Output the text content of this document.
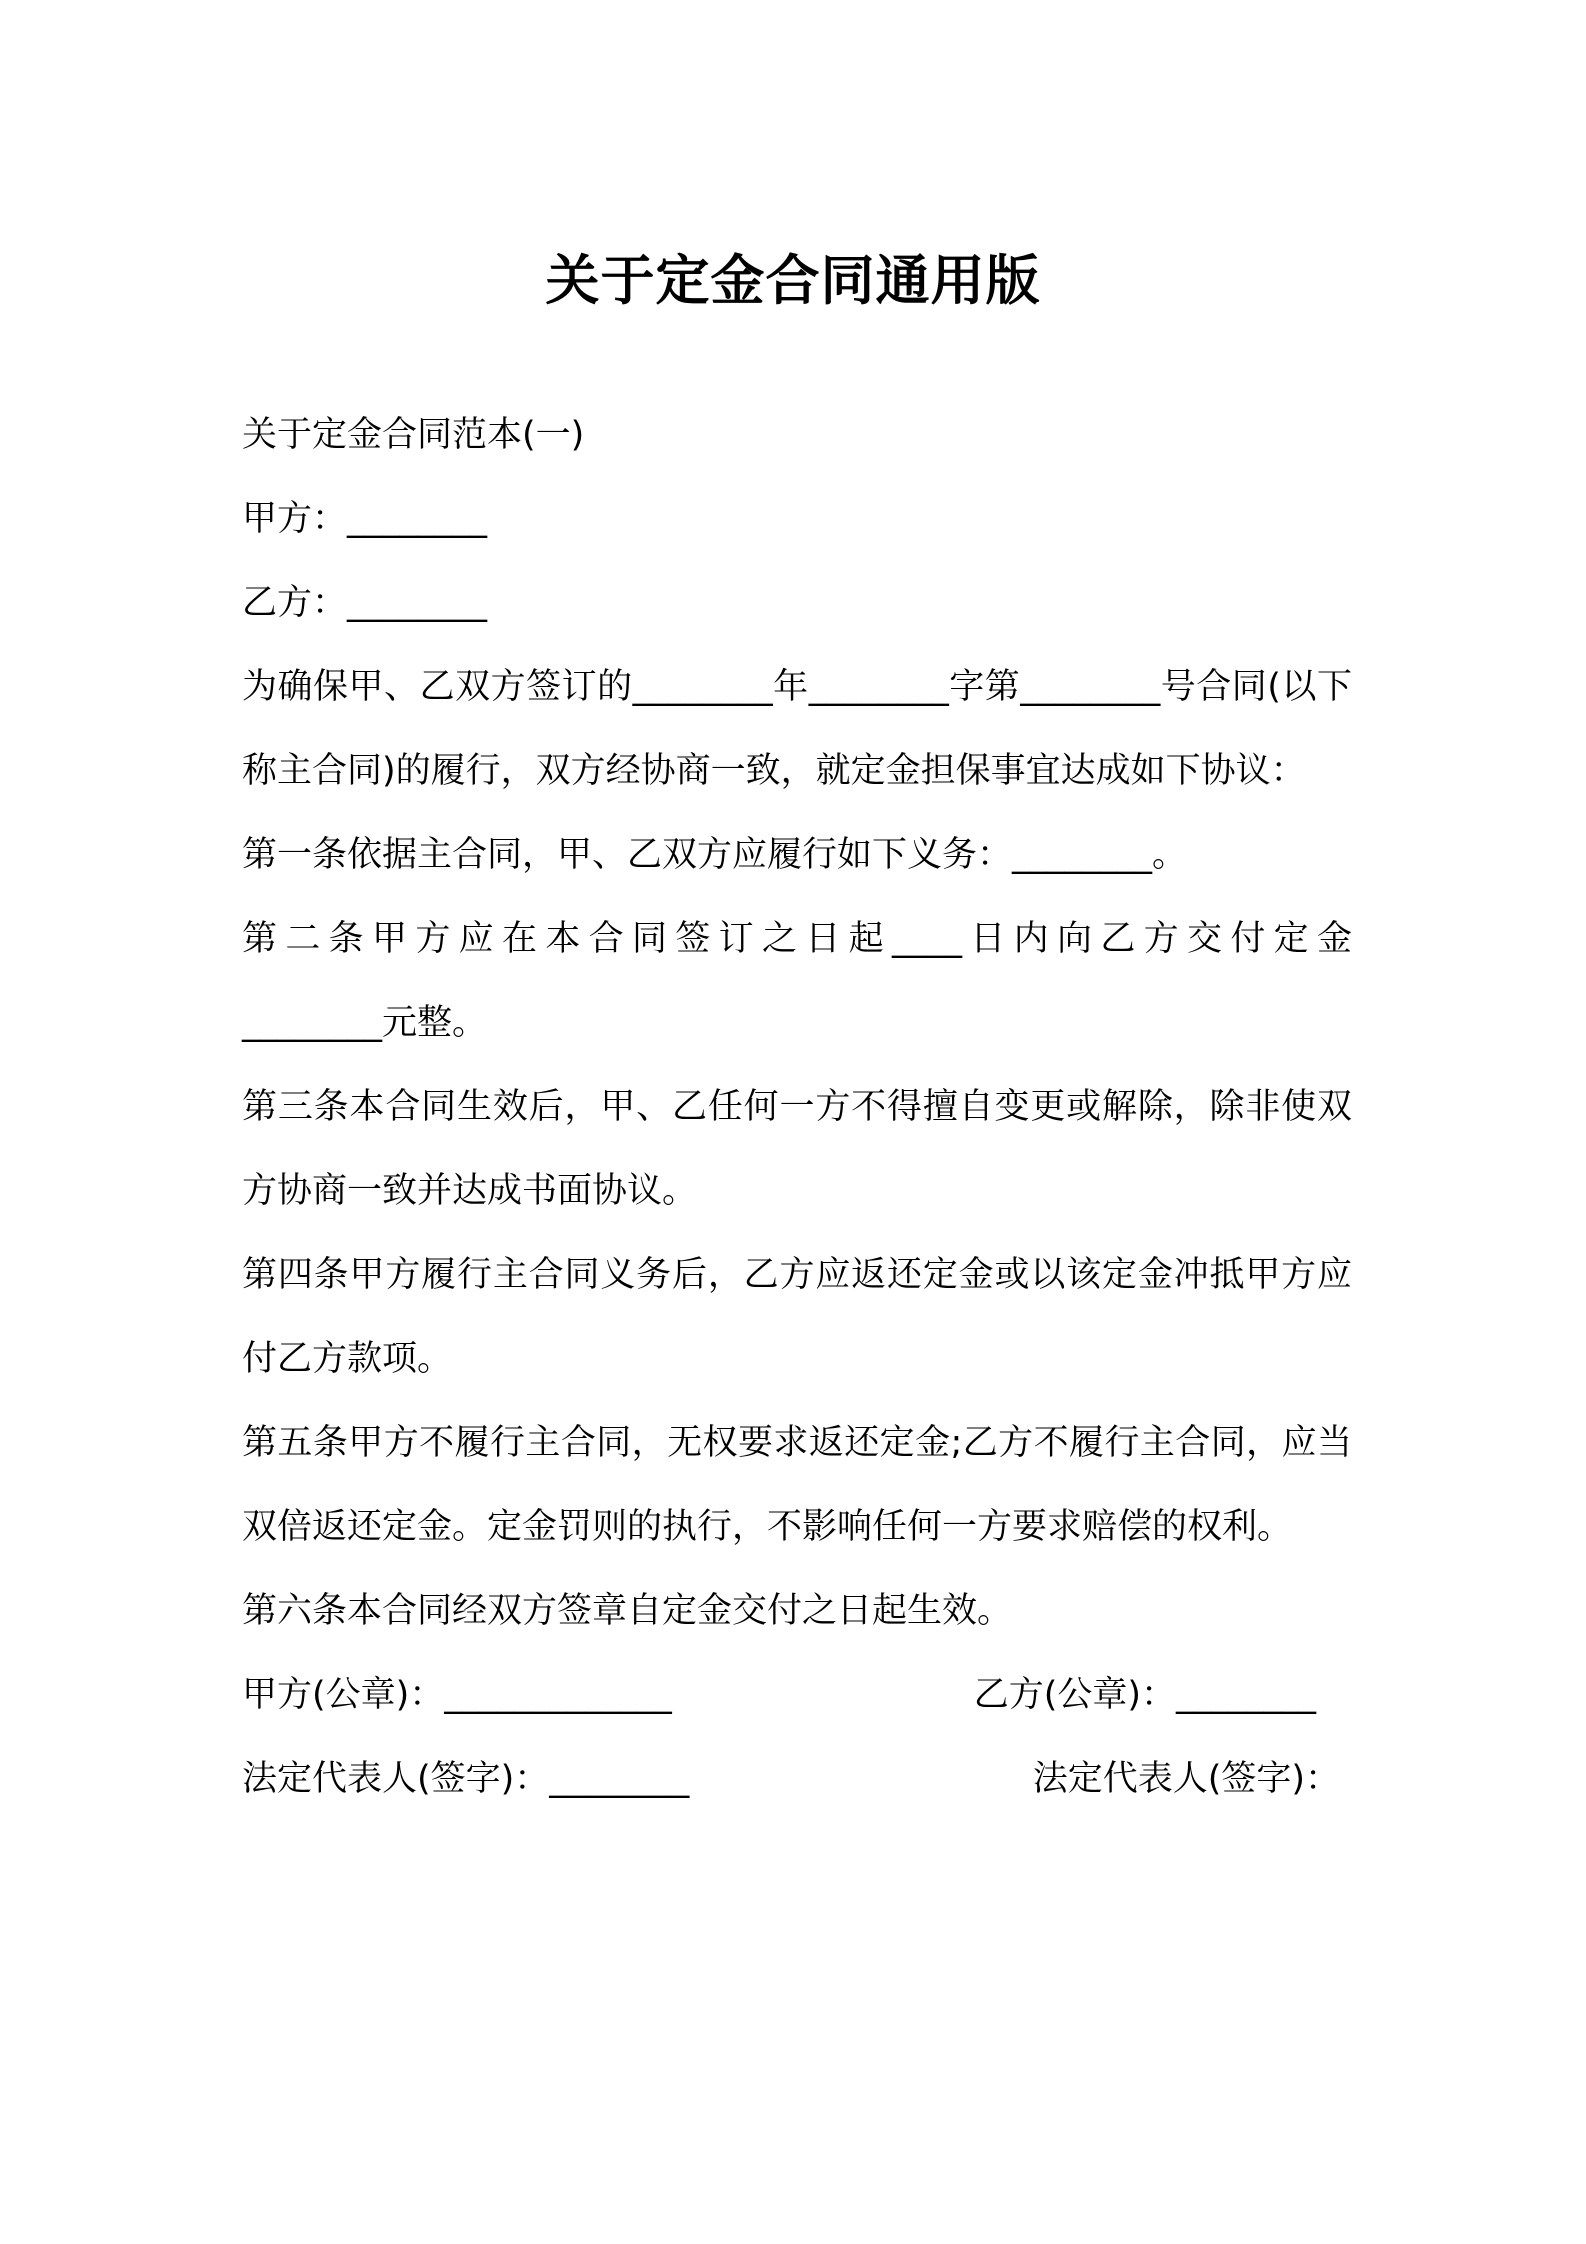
关于定金合同通用版

关于定金合同范本(一)

甲方：________

乙方：________

为确保甲、乙双方签订的________年________字第________号合同(以下称主合同)的履行，双方经协商一致，就定金担保事宜达成如下协议：

第一条依据主合同，甲、乙双方应履行如下义务：________。

第二条甲方应在本合同签订之日起____日内向乙方交付定金

________元整。

第三条本合同生效后，甲、乙任何一方不得擅自变更或解除，除非使双方协商一致并达成书面协议。

第四条甲方履行主合同义务后，乙方应返还定金或以该定金冲抵甲方应付乙方款项。

第五条甲方不履行主合同，无权要求返还定金;乙方不履行主合同，应当双倍返还定金。定金罚则的执行，不影响任何一方要求赔偿的权利。

第六条本合同经双方签章自定金交付之日起生效。

甲方(公章)：_____________	乙方(公章)：________
法定代表人(签字)：________	法定代表人(签字)：
